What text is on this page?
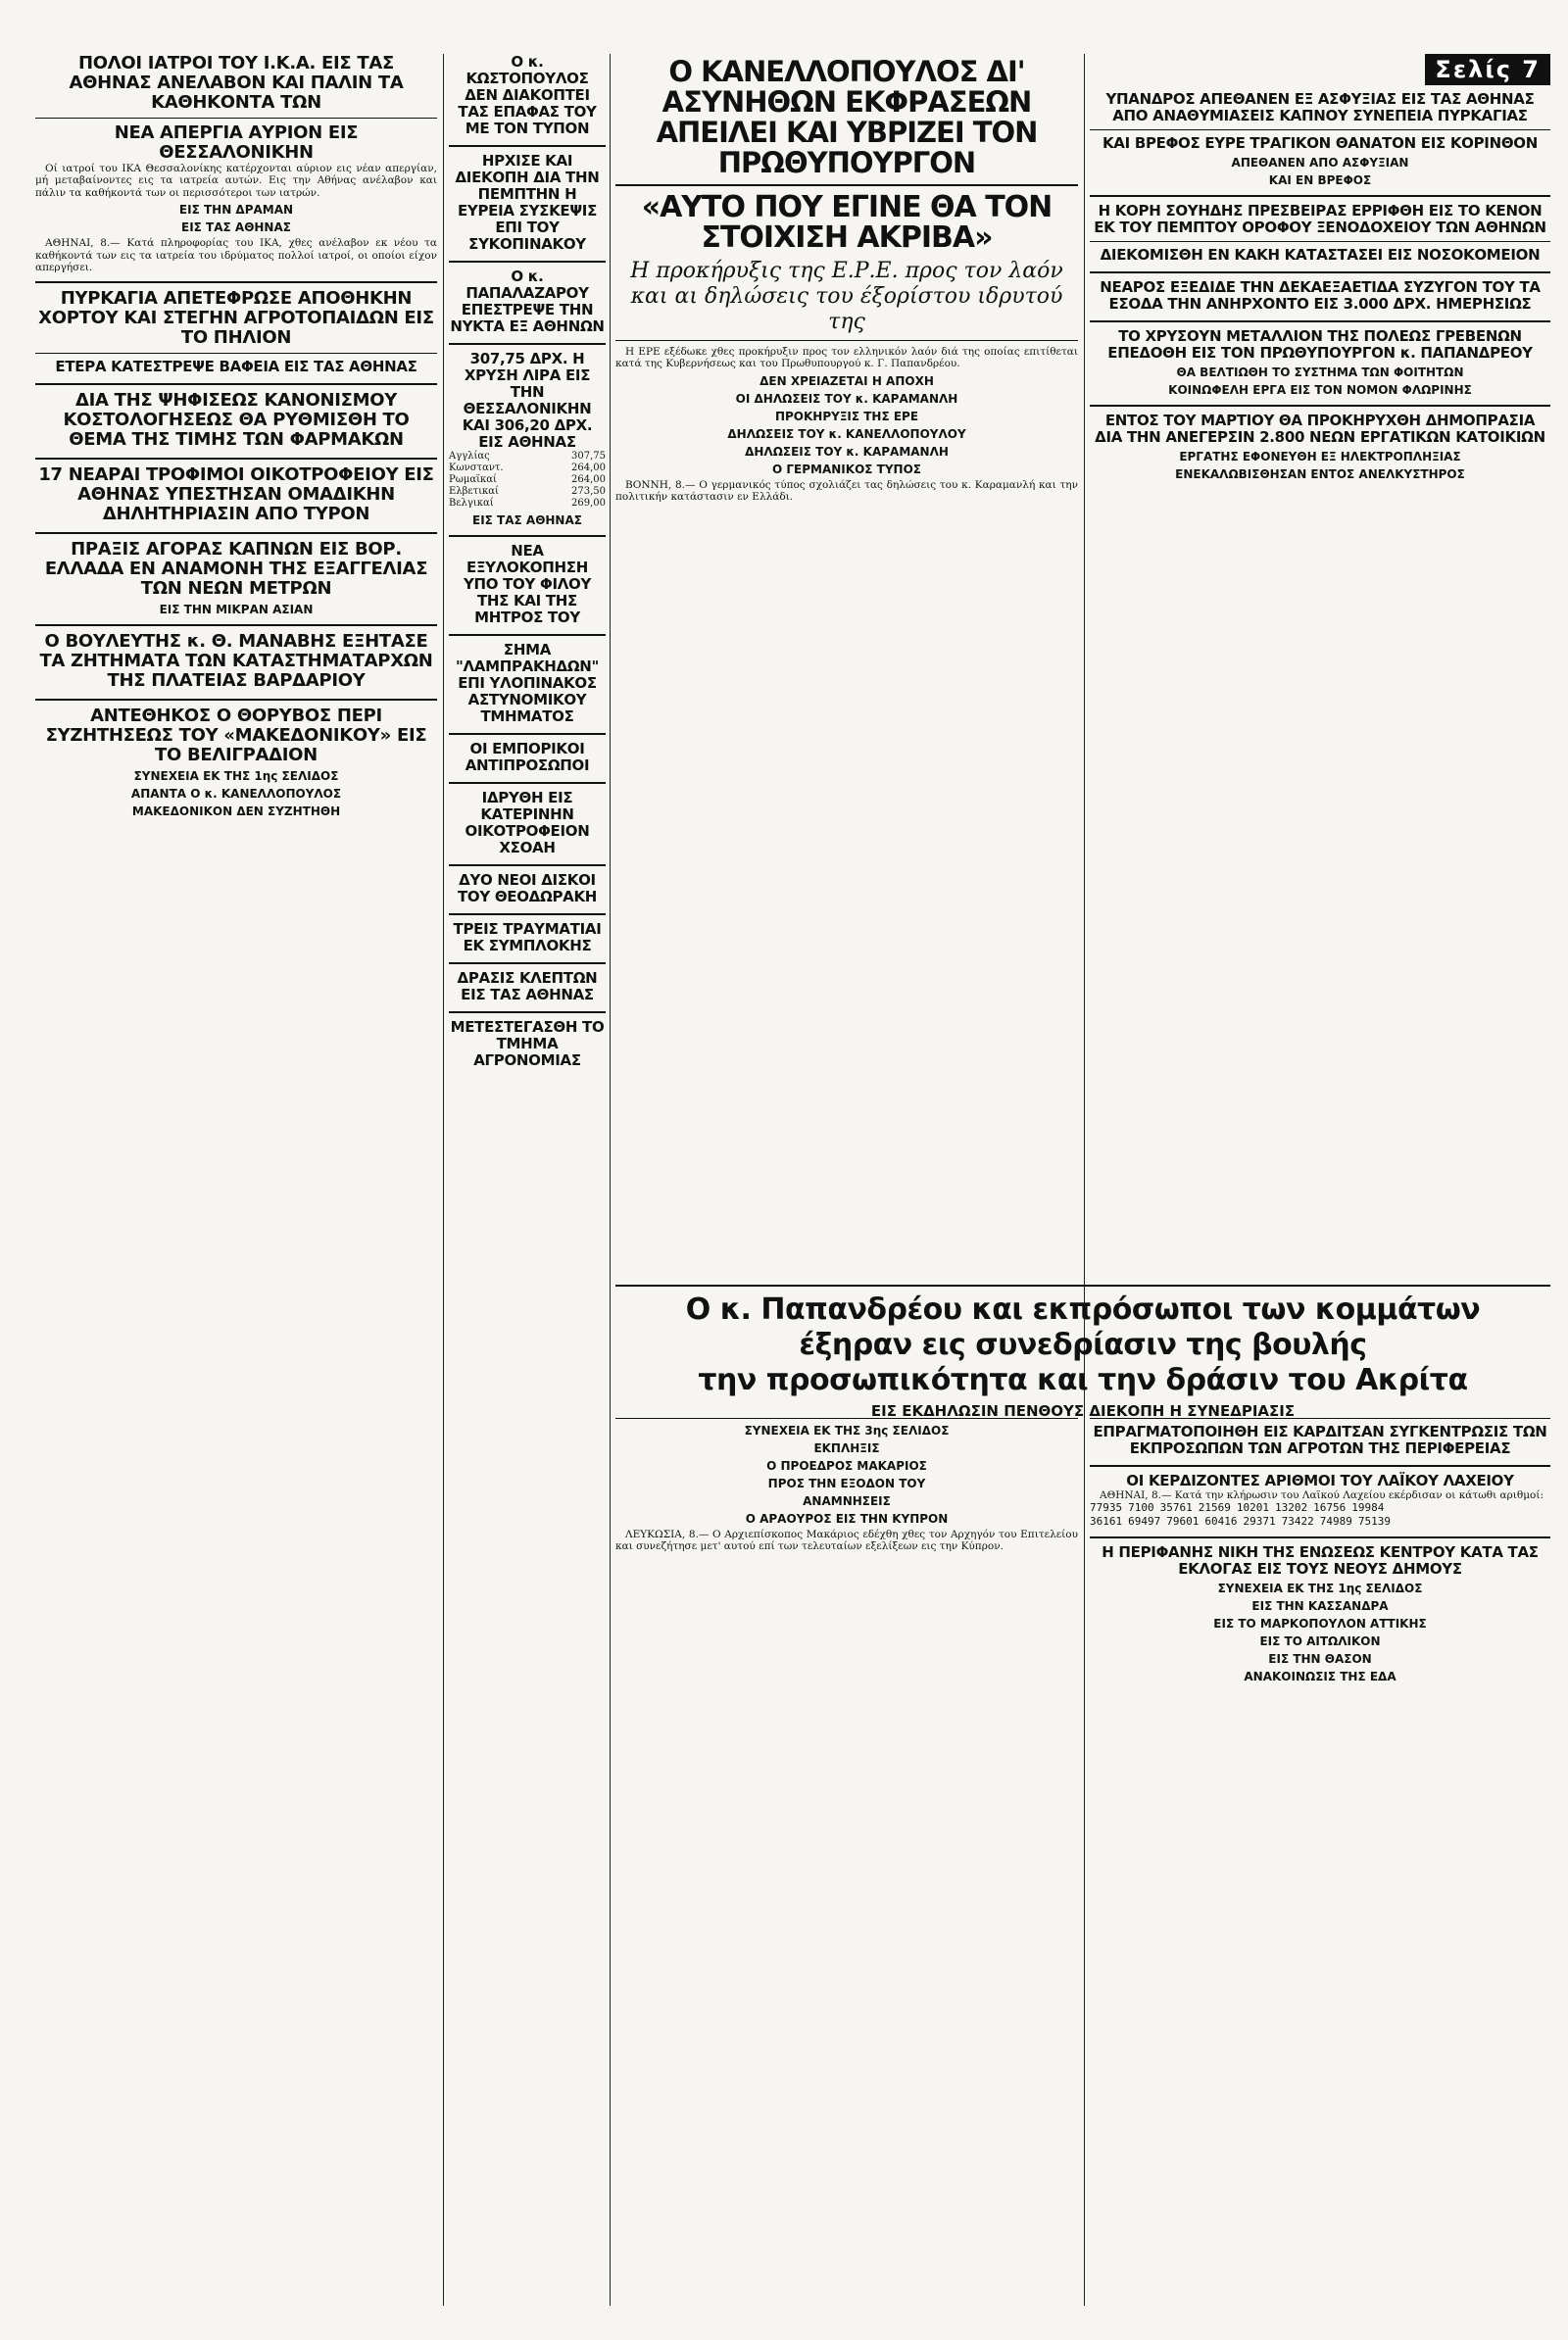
ΠΟΛΟΙ ΙΑΤΡΟΙ ΤΟΥ Ι.Κ.Α. ΕΙΣ ΤΑΣ ΑΘΗΝΑΣ ΑΝΕΛΑΒΟΝ ΚΑΙ ΠΑΛΙΝ ΤΑ ΚΑΘΗΚΟΝΤΑ ΤΩΝ
ΝΕΑ ΑΠΕΡΓΙΑ ΑΥΡΙΟΝ ΕΙΣ ΘΕΣΣΑΛΟΝΙΚΗΝ

Οί ιατροί του ΙΚΑ Θεσσαλονίκης κατέρχονται αύριον εις νέαν απεργίαν, μή μεταβαίνοντες εις τα ιατρεία αυτών. Εις την Αθήνας ανέλαβον και πάλιν τα καθήκοντά των οι περισσότεροι των ιατρών.

ΕΙΣ ΤΗΝ ΔΡΑΜΑΝ
ΕΙΣ ΤΑΣ ΑΘΗΝΑΣ

ΑΘΗΝΑΙ, 8.— Κατά πληροφορίας του ΙΚΑ, χθες ανέλαβον εκ νέου τα καθήκοντά των εις τα ιατρεία του ιδρύματος πολλοί ιατροί, οι οποίοι είχον απεργήσει.

ΠΥΡΚΑΓΙΑ ΑΠΕΤΕΦΡΩΣΕ ΑΠΟΘΗΚΗΝ ΧΟΡΤΟΥ ΚΑΙ ΣΤΕΓΗΝ ΑΓΡΟΤΟΠΑΙΔΩΝ ΕΙΣ ΤΟ ΠΗΛΙΟΝ
ΕΤΕΡΑ ΚΑΤΕΣΤΡΕΨΕ ΒΑΦΕΙΑ ΕΙΣ ΤΑΣ ΑΘΗΝΑΣ
ΔΙΑ ΤΗΣ ΨΗΦΙΣΕΩΣ ΚΑΝΟΝΙΣΜΟΥ ΚΟΣΤΟΛΟΓΗΣΕΩΣ ΘΑ ΡΥΘΜΙΣΘΗ ΤΟ ΘΕΜΑ ΤΗΣ ΤΙΜΗΣ ΤΩΝ ΦΑΡΜΑΚΩΝ
17 ΝΕΑΡΑΙ ΤΡΟΦΙΜΟΙ ΟΙΚΟΤΡΟΦΕΙΟΥ ΕΙΣ ΑΘΗΝΑΣ ΥΠΕΣΤΗΣΑΝ ΟΜΑΔΙΚΗΝ ΔΗΛΗΤΗΡΙΑΣΙΝ ΑΠΟ ΤΥΡΟΝ
ΠΡΑΞΙΣ ΑΓΟΡΑΣ ΚΑΠΝΩΝ ΕΙΣ ΒΟΡ. ΕΛΛΑΔΑ ΕΝ ΑΝΑΜΟΝΗ ΤΗΣ ΕΞΑΓΓΕΛΙΑΣ ΤΩΝ ΝΕΩΝ ΜΕΤΡΩΝ
ΕΙΣ ΤΗΝ ΜΙΚΡΑΝ ΑΣΙΑΝ
Ο ΒΟΥΛΕΥΤΗΣ κ. Θ. ΜΑΝΑΒΗΣ ΕΞΗΤΑΣΕ ΤΑ ΖΗΤΗΜΑΤΑ ΤΩΝ ΚΑΤΑΣΤΗΜΑΤΑΡΧΩΝ ΤΗΣ ΠΛΑΤΕΙΑΣ ΒΑΡΔΑΡΙΟΥ
ΑΝΤΕΘΗΚΟΣ Ο ΘΟΡΥΒΟΣ ΠΕΡΙ ΣΥΖΗΤΗΣΕΩΣ ΤΟΥ «ΜΑΚΕΔΟΝΙΚΟΥ» ΕΙΣ ΤΟ ΒΕΛΙΓΡΑΔΙΟΝ
ΣΥΝΕΧΕΙΑ ΕΚ ΤΗΣ 1ης ΣΕΛΙΔΟΣ
ΑΠΑΝΤΑ Ο κ. ΚΑΝΕΛΛΟΠΟΥΛΟΣ
ΜΑΚΕΔΟΝΙΚΟΝ ΔΕΝ ΣΥΖΗΤΗΘΗ
Ο κ. ΚΩΣΤΟΠΟΥΛΟΣ ΔΕΝ ΔΙΑΚΟΠΤΕΙ ΤΑΣ ΕΠΑΦΑΣ ΤΟΥ ΜΕ ΤΟΝ ΤΥΠΟΝ
ΗΡΧΙΣΕ ΚΑΙ ΔΙΕΚΟΠΗ ΔΙΑ ΤΗΝ ΠΕΜΠΤΗΝ Η ΕΥΡΕΙΑ ΣΥΣΚΕΨΙΣ ΕΠΙ ΤΟΥ ΣΥΚΟΠΙΝΑΚΟΥ
Ο κ. ΠΑΠΑΛΑΖΑΡΟΥ ΕΠΕΣΤΡΕΨΕ ΤΗΝ ΝΥΚΤΑ ΕΞ ΑΘΗΝΩΝ
307,75 ΔΡΧ. Η ΧΡΥΣΗ ΛΙΡΑ ΕΙΣ ΤΗΝ ΘΕΣΣΑΛΟΝΙΚΗΝ ΚΑΙ 306,20 ΔΡΧ. ΕΙΣ ΑΘΗΝΑΣ
Αγγλίας	307,75
Κωνσταντ.	264,00
Ρωμαϊκαί	264,00
Ελβετικαί	273,50
Βελγικαί	269,00
ΕΙΣ ΤΑΣ ΑΘΗΝΑΣ
ΝΕΑ ΕΞΥΛΟΚΟΠΗΣΗ ΥΠΟ ΤΟΥ ΦΙΛΟΥ ΤΗΣ ΚΑΙ ΤΗΣ ΜΗΤΡΟΣ ΤΟΥ
ΣΗΜΑ "ΛΑΜΠΡΑΚΗΔΩΝ" ΕΠΙ ΥΛΟΠΙΝΑΚΟΣ ΑΣΤΥΝΟΜΙΚΟΥ ΤΜΗΜΑΤΟΣ
ΟΙ ΕΜΠΟΡΙΚΟΙ ΑΝΤΙΠΡΟΣΩΠΟΙ
ΙΔΡΥΘΗ ΕΙΣ ΚΑΤΕΡΙΝΗΝ ΟΙΚΟΤΡΟΦΕΙΟΝ ΧΣΟΑΗ
ΔΥΟ ΝΕΟΙ ΔΙΣΚΟΙ ΤΟΥ ΘΕΟΔΩΡΑΚΗ
ΤΡΕΙΣ ΤΡΑΥΜΑΤΙΑΙ ΕΚ ΣΥΜΠΛΟΚΗΣ
ΔΡΑΣΙΣ ΚΛΕΠΤΩΝ ΕΙΣ ΤΑΣ ΑΘΗΝΑΣ
ΜΕΤΕΣΤΕΓΑΣΘΗ ΤΟ ΤΜΗΜΑ ΑΓΡΟΝΟΜΙΑΣ
Ο ΚΑΝΕΛΛΟΠΟΥΛΟΣ ΔΙ' ΑΣΥΝΗΘΩΝ ΕΚΦΡΑΣΕΩΝ ΑΠΕΙΛΕΙ ΚΑΙ ΥΒΡΙΖΕΙ ΤΟΝ ΠΡΩΘΥΠΟΥΡΓΟΝ
«ΑΥΤΟ ΠΟΥ ΕΓΙΝΕ ΘΑ ΤΟΝ ΣΤΟΙΧΙΣΗ ΑΚΡΙΒΑ»
Η προκήρυξις της Ε.Ρ.Ε. προς τον λαόν και αι δηλώσεις του έξορίστου ιδρυτού της

Η ΕΡΕ εξέδωκε χθες προκήρυξιν προς τον ελληνικόν λαόν διά της οποίας επιτίθεται κατά της Κυβερνήσεως και του Πρωθυπουργού κ. Γ. Παπανδρέου.

ΔΕΝ ΧΡΕΙΑΖΕΤΑΙ Η ΑΠΟΧΗ
ΟΙ ΔΗΛΩΣΕΙΣ ΤΟΥ κ. ΚΑΡΑΜΑΝΛΗ
ΠΡΟΚΗΡΥΞΙΣ ΤΗΣ ΕΡΕ
ΔΗΛΩΣΕΙΣ ΤΟΥ κ. ΚΑΝΕΛΛΟΠΟΥΛΟΥ
ΔΗΛΩΣΕΙΣ ΤΟΥ κ. ΚΑΡΑΜΑΝΛΗ
Ο ΓΕΡΜΑΝΙΚΟΣ ΤΥΠΟΣ

ΒΟΝΝΗ, 8.— Ο γερμανικός τύπος σχολιάζει τας δηλώσεις του κ. Καραμανλή και την πολιτικήν κατάστασιν εν Ελλάδι.

Σελίς 7
ΥΠΑΝΔΡΟΣ ΑΠΕΘΑΝΕΝ ΕΞ ΑΣΦΥΞΙΑΣ ΕΙΣ ΤΑΣ ΑΘΗΝΑΣ ΑΠΟ ΑΝΑΘΥΜΙΑΣΕΙΣ ΚΑΠΝΟΥ ΣΥΝΕΠΕΙΑ ΠΥΡΚΑΓΙΑΣ
ΚΑΙ ΒΡΕΦΟΣ ΕΥΡΕ ΤΡΑΓΙΚΟΝ ΘΑΝΑΤΟΝ ΕΙΣ ΚΟΡΙΝΘΟΝ
ΑΠΕΘΑΝΕΝ ΑΠΟ ΑΣΦΥΞΙΑΝ
ΚΑΙ ΕΝ ΒΡΕΦΟΣ
Η ΚΟΡΗ ΣΟΥΗΔΗΣ ΠΡΕΣΒΕΙΡΑΣ ΕΡΡΙΦΘΗ ΕΙΣ ΤΟ ΚΕΝΟΝ ΕΚ ΤΟΥ ΠΕΜΠΤΟΥ ΟΡΟΦΟΥ ΞΕΝΟΔΟΧΕΙΟΥ ΤΩΝ ΑΘΗΝΩΝ
ΔΙΕΚΟΜΙΣΘΗ ΕΝ ΚΑΚΗ ΚΑΤΑΣΤΑΣΕΙ ΕΙΣ ΝΟΣΟΚΟΜΕΙΟΝ
ΝΕΑΡΟΣ ΕΞΕΔΙΔΕ ΤΗΝ ΔΕΚΑΕΞΑΕΤΙΔΑ ΣΥΖΥΓΟΝ ΤΟΥ ΤΑ ΕΣΟΔΑ ΤΗΝ ΑΝΗΡΧΟΝΤΟ ΕΙΣ 3.000 ΔΡΧ. ΗΜΕΡΗΣΙΩΣ
ΤΟ ΧΡΥΣΟΥΝ ΜΕΤΑΛΛΙΟΝ ΤΗΣ ΠΟΛΕΩΣ ΓΡΕΒΕΝΩΝ ΕΠΕΔΟΘΗ ΕΙΣ ΤΟΝ ΠΡΩΘΥΠΟΥΡΓΟΝ κ. ΠΑΠΑΝΔΡΕΟΥ
ΘΑ ΒΕΛΤΙΩΘΗ ΤΟ ΣΥΣΤΗΜΑ ΤΩΝ ΦΟΙΤΗΤΩΝ
ΚΟΙΝΩΦΕΛΗ ΕΡΓΑ ΕΙΣ ΤΟΝ ΝΟΜΟΝ ΦΛΩΡΙΝΗΣ
ΕΝΤΟΣ ΤΟΥ ΜΑΡΤΙΟΥ ΘΑ ΠΡΟΚΗΡΥΧΘΗ ΔΗΜΟΠΡΑΣΙΑ ΔΙΑ ΤΗΝ ΑΝΕΓΕΡΣΙΝ 2.800 ΝΕΩΝ ΕΡΓΑΤΙΚΩΝ ΚΑΤΟΙΚΙΩΝ
ΕΡΓΑΤΗΣ ΕΦΟΝΕΥΘΗ ΕΞ ΗΛΕΚΤΡΟΠΛΗΞΙΑΣ
ΕΝΕΚΑΛΩΒΙΣΘΗΣΑΝ ΕΝΤΟΣ ΑΝΕΛΚΥΣΤΗΡΟΣ
Ο κ. Παπανδρέου και εκπρόσωποι των κομμάτων
έξηραν εις συνεδρίασιν της βουλής
την προσωπικότητα και την δράσιν του Ακρίτα
ΕΙΣ ΕΚΔΗΛΩΣΙΝ ΠΕΝΘΟΥΣ ΔΙΕΚΟΠΗ Η ΣΥΝΕΔΡΙΑΣΙΣ
ΣΥΝΕΧΕΙΑ ΕΚ ΤΗΣ 3ης ΣΕΛΙΔΟΣ
ΕΚΠΛΗΞΙΣ
Ο ΠΡΟΕΔΡΟΣ ΜΑΚΑΡΙΟΣ
ΠΡΟΣ ΤΗΝ ΕΞΟΔΟΝ ΤΟΥ
ΑΝΑΜΝΗΣΕΙΣ
Ο ΑΡΑΟΥΡΟΣ ΕΙΣ ΤΗΝ ΚΥΠΡΟΝ

ΛΕΥΚΩΣΙΑ, 8.— Ο Αρχιεπίσκοπος Μακάριος εδέχθη χθες τον Αρχηγόν του Επιτελείου και συνεζήτησε μετ' αυτού επί των τελευταίων εξελίξεων εις την Κύπρον.

ΕΠΡΑΓΜΑΤΟΠΟΙΗΘΗ ΕΙΣ ΚΑΡΔΙΤΣΑΝ ΣΥΓΚΕΝΤΡΩΣΙΣ ΤΩΝ ΕΚΠΡΟΣΩΠΩΝ ΤΩΝ ΑΓΡΟΤΩΝ ΤΗΣ ΠΕΡΙΦΕΡΕΙΑΣ
ΟΙ ΚΕΡΔΙΖΟΝΤΕΣ ΑΡΙΘΜΟΙ ΤΟΥ ΛΑΪΚΟΥ ΛΑΧΕΙΟΥ

ΑΘΗΝΑΙ, 8.— Κατά την κλήρωσιν του Λαϊκού Λαχείου εκέρδισαν οι κάτωθι αριθμοί:

77935 7100 35761 21569 10201 13202 16756 19984
36161 69497 79601 60416 29371 73422 74989 75139
Η ΠΕΡΙΦΑΝΗΣ ΝΙΚΗ ΤΗΣ ΕΝΩΣΕΩΣ ΚΕΝΤΡΟΥ ΚΑΤΑ ΤΑΣ ΕΚΛΟΓΑΣ ΕΙΣ ΤΟΥΣ ΝΕΟΥΣ ΔΗΜΟΥΣ
ΣΥΝΕΧΕΙΑ ΕΚ ΤΗΣ 1ης ΣΕΛΙΔΟΣ
ΕΙΣ ΤΗΝ ΚΑΣΣΑΝΔΡΑ
ΕΙΣ ΤΟ ΜΑΡΚΟΠΟΥΛΟΝ ΑΤΤΙΚΗΣ
ΕΙΣ ΤΟ ΑΙΤΩΛΙΚΟΝ
ΕΙΣ ΤΗΝ ΘΑΣΟΝ
ΑΝΑΚΟΙΝΩΣΙΣ ΤΗΣ ΕΔΑ
